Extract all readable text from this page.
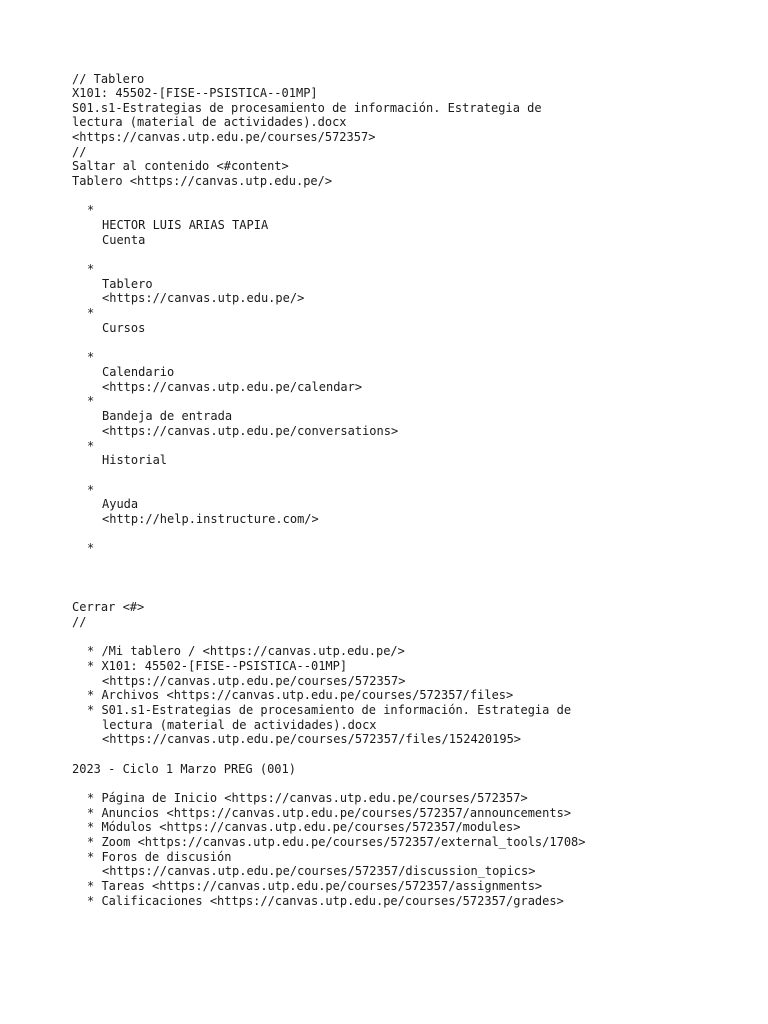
// Tablero
X101: 45502-[FISE--PSISTICA--01MP]
S01.s1-Estrategias de procesamiento de información. Estrategia de
lectura (material de actividades).docx
<https://canvas.utp.edu.pe/courses/572357>
//
Saltar al contenido <#content>
Tablero <https://canvas.utp.edu.pe/>
*
HECTOR LUIS ARIAS TAPIA
Cuenta
*
Tablero
<https://canvas.utp.edu.pe/>
*
Cursos
*
Calendario
<https://canvas.utp.edu.pe/calendar>
*
Bandeja de entrada
<https://canvas.utp.edu.pe/conversations>
*
Historial
*
Ayuda
<http://help.instructure.com/>
*
Cerrar <#>
//
* /Mi tablero / <https://canvas.utp.edu.pe/>
* X101: 45502-[FISE--PSISTICA--01MP]
<https://canvas.utp.edu.pe/courses/572357>
* Archivos <https://canvas.utp.edu.pe/courses/572357/files>
* S01.s1-Estrategias de procesamiento de información. Estrategia de
lectura (material de actividades).docx
<https://canvas.utp.edu.pe/courses/572357/files/152420195>
2023 - Ciclo 1 Marzo PREG (001)
* Página de Inicio <https://canvas.utp.edu.pe/courses/572357>
* Anuncios <https://canvas.utp.edu.pe/courses/572357/announcements>
* Módulos <https://canvas.utp.edu.pe/courses/572357/modules>
* Zoom <https://canvas.utp.edu.pe/courses/572357/external_tools/1708>
* Foros de discusión
<https://canvas.utp.edu.pe/courses/572357/discussion_topics>
* Tareas <https://canvas.utp.edu.pe/courses/572357/assignments>
* Calificaciones <https://canvas.utp.edu.pe/courses/572357/grades>
